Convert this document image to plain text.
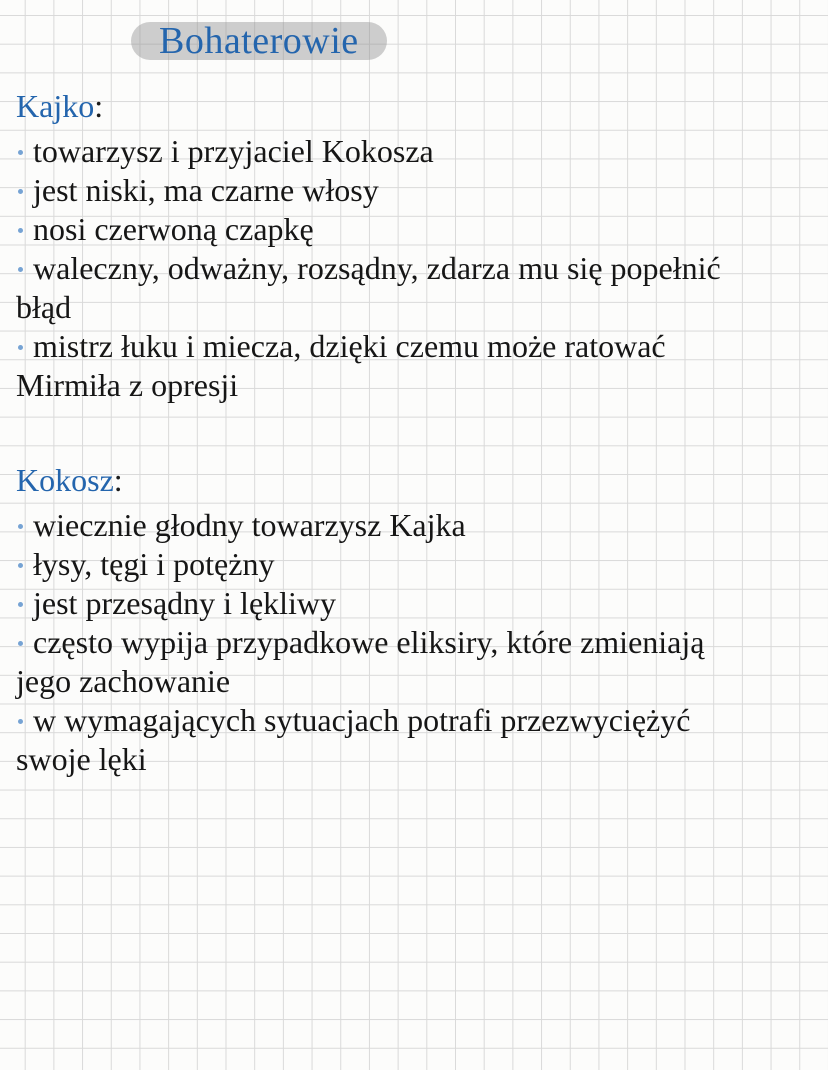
Bohaterowie
Kajko:
towarzysz i przyjaciel Kokosza
jest niski, ma czarne włosy
nosi czerwoną czapkę
waleczny, odważny, rozsądny, zdarza mu się popełnić
błąd
mistrz łuku i miecza, dzięki czemu może ratować
Mirmiła z opresji
Kokosz:
wiecznie głodny towarzysz Kajka
łysy, tęgi i potężny
jest przesądny i lękliwy
często wypija przypadkowe eliksiry, które zmieniają
jego zachowanie
w wymagających sytuacjach potrafi przezwyciężyć
swoje lęki
